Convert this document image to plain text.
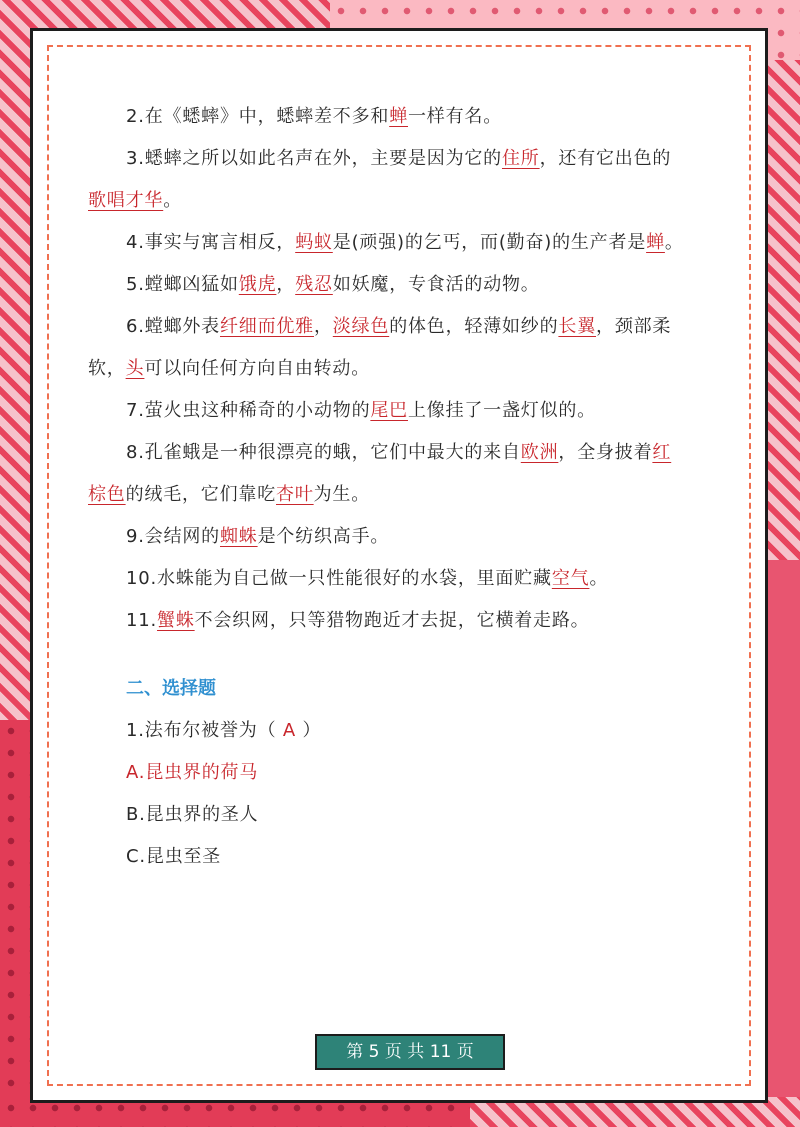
2.在《蟋蟀》中，蟋蟀差不多和蝉一样有名。

3.蟋蟀之所以如此名声在外，主要是因为它的住所，还有它出色的歌唱才华。

4.事实与寓言相反，蚂蚁是(顽强)的乞丐，而(勤奋)的生产者是蝉。

5.螳螂凶猛如饿虎，残忍如妖魔，专食活的动物。

6.螳螂外表纤细而优雅，淡绿色的体色，轻薄如纱的长翼，颈部柔软，头可以向任何方向自由转动。

7.萤火虫这种稀奇的小动物的尾巴上像挂了一盏灯似的。

8.孔雀蛾是一种很漂亮的蛾，它们中最大的来自欧洲，全身披着红棕色的绒毛，它们靠吃杏叶为生。

9.会结网的蜘蛛是个纺织高手。

10.水蛛能为自己做一只性能很好的水袋，里面贮藏空气。

11.蟹蛛不会织网，只等猎物跑近才去捉，它横着走路。

二、选择题
1.法布尔被誉为（ A ）
A.昆虫界的荷马
B.昆虫界的圣人
C.昆虫至圣
第 5 页 共 11 页
